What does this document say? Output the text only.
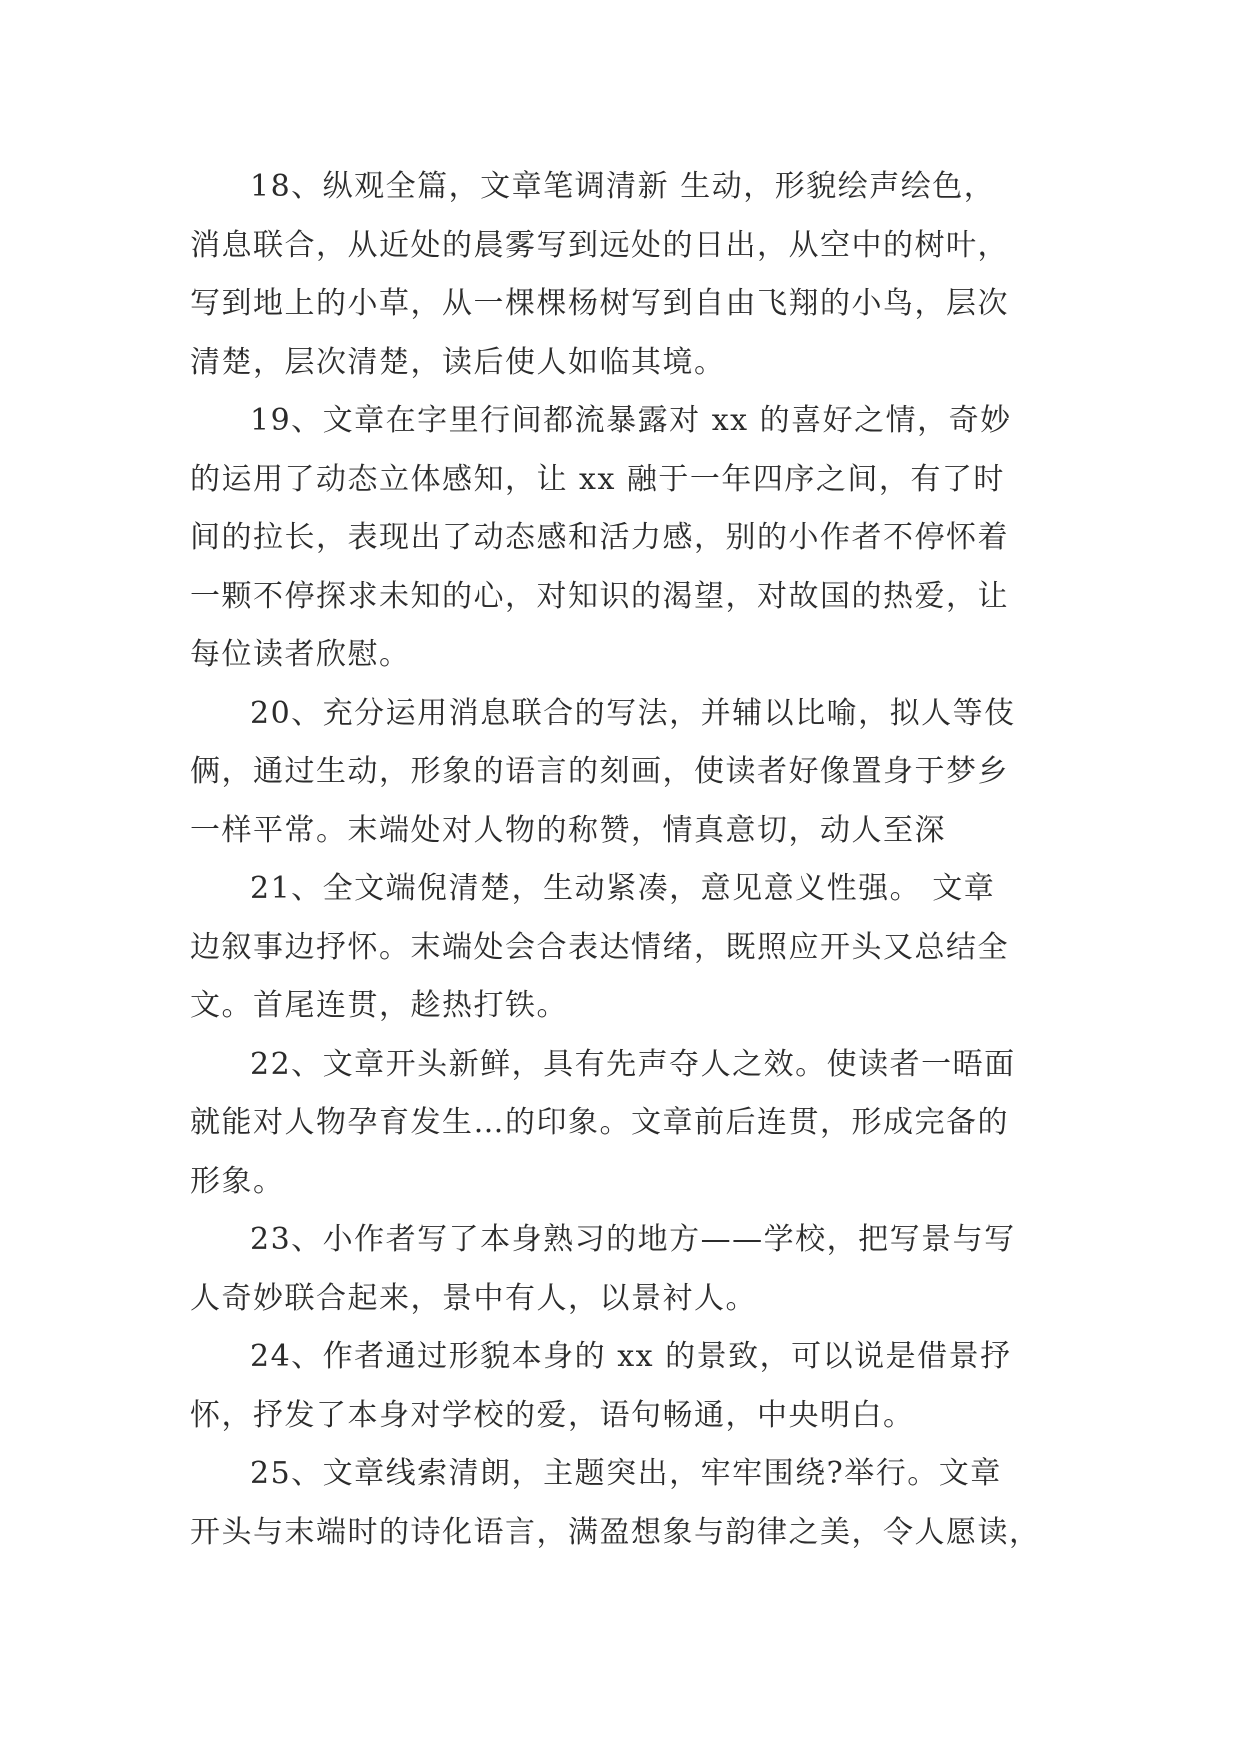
18、纵观全篇，文章笔调清新 生动，形貌绘声绘色，
消息联合，从近处的晨雾写到远处的日出，从空中的树叶，
写到地上的小草，从一棵棵杨树写到自由飞翔的小鸟，层次
清楚，层次清楚，读后使人如临其境。

19、文章在字里行间都流暴露对 xx 的喜好之情，奇妙
的运用了动态立体感知，让 xx 融于一年四序之间，有了时
间的拉长，表现出了动态感和活力感，别的小作者不停怀着
一颗不停探求未知的心，对知识的渴望，对故国的热爱，让
每位读者欣慰。

20、充分运用消息联合的写法，并辅以比喻，拟人等伎
俩，通过生动，形象的语言的刻画，使读者好像置身于梦乡
一样平常。末端处对人物的称赞，情真意切，动人至深

21、全文端倪清楚，生动紧凑，意见意义性强。 文章
边叙事边抒怀。末端处会合表达情绪，既照应开头又总结全
文。首尾连贯，趁热打铁。

22、文章开头新鲜，具有先声夺人之效。使读者一晤面
就能对人物孕育发生…的印象。文章前后连贯，形成完备的
形象。

23、小作者写了本身熟习的地方——学校，把写景与写
人奇妙联合起来，景中有人，以景衬人。

24、作者通过形貌本身的 xx 的景致，可以说是借景抒
怀，抒发了本身对学校的爱，语句畅通，中央明白。

25、文章线索清朗，主题突出，牢牢围绕?举行。文章
开头与末端时的诗化语言，满盈想象与韵律之美，令人愿读，
